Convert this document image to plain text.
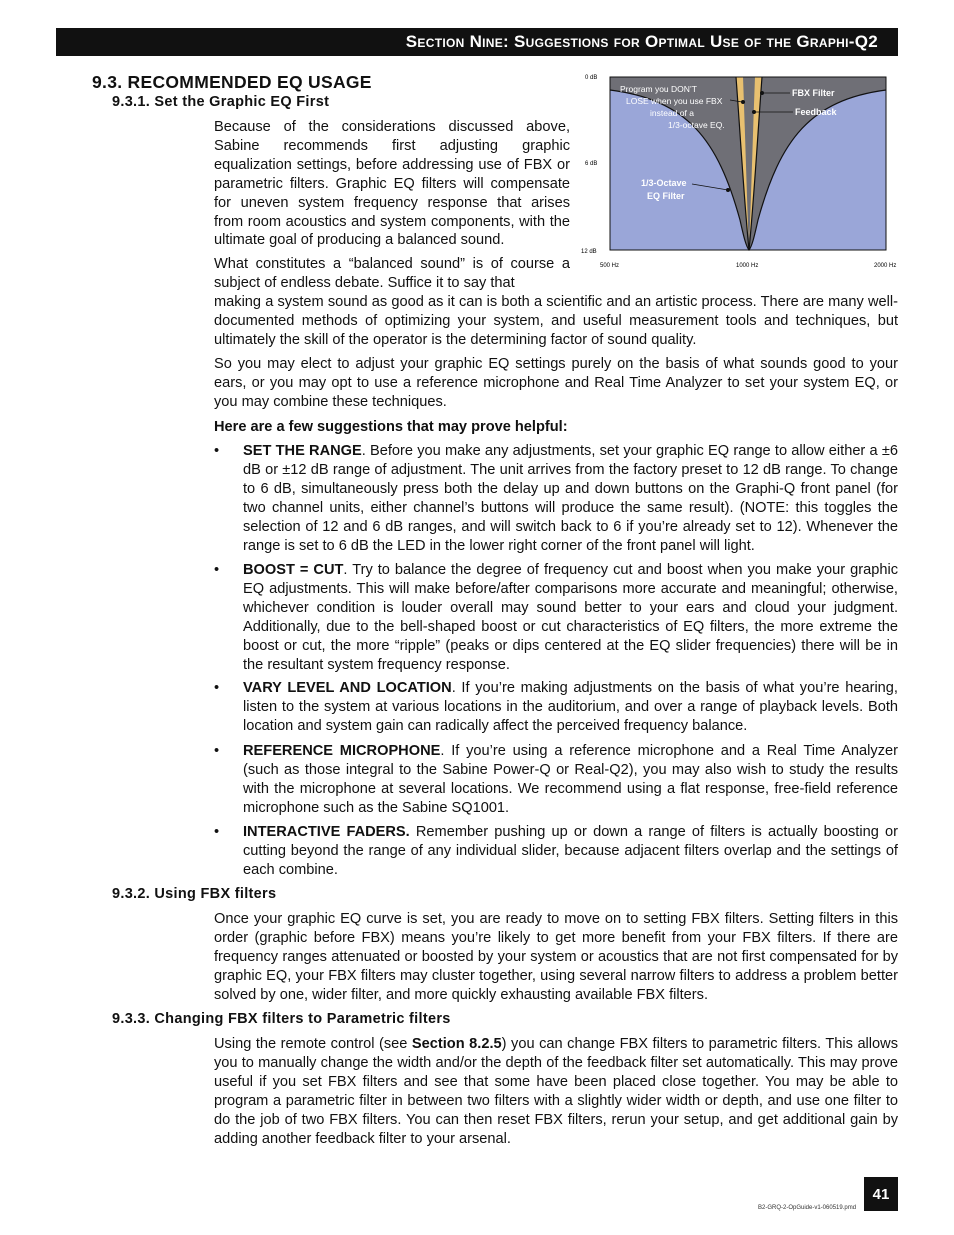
Section Nine: Suggestions for Optimal Use of the Graphi-Q2
9.3. RECOMMENDED EQ USAGE
9.3.1. Set the Graphic EQ First
Because of the considerations discussed above, Sabine recommends first adjusting graphic equalization settings, before addressing use of FBX or parametric filters. Graphic EQ filters will compensate for uneven system frequency response that arises from room acoustics and system components, with the ultimate goal of producing a balanced sound.
What constitutes a “balanced sound” is of course a subject of endless debate. Suffice it to say that
making a system sound as good as it can is both a scientific and an artistic process. There are many well-documented methods of optimizing your system, and useful measurement tools and techniques, but ultimately the skill of the operator is the determining factor of sound quality.
So you may elect to adjust your graphic EQ settings purely on the basis of what sounds good to your ears, or you may opt to use a reference microphone and Real Time Analyzer to set your system EQ, or you may combine these techniques.
Here are a few suggestions that may prove helpful:
• SET THE RANGE. Before you make any adjustments, set your graphic EQ range to allow either a ±6 dB or ±12 dB range of adjustment. The unit arrives from the factory preset to 12 dB range. To change to 6 dB, simultaneously press both the delay up and down buttons on the Graphi-Q front panel (for two channel units, either channel’s buttons will produce the same result). (NOTE: this toggles the selection of 12 and 6 dB ranges, and will switch back to 6 if you’re already set to 12). Whenever the range is set to 6 dB the LED in the lower right corner of the front panel will light.
• BOOST = CUT. Try to balance the degree of frequency cut and boost when you make your graphic EQ adjustments. This will make before/after comparisons more accurate and meaningful; otherwise, whichever condition is louder overall may sound better to your ears and cloud your judgment. Additionally, due to the bell-shaped boost or cut characteristics of EQ filters, the more extreme the boost or cut, the more “ripple” (peaks or dips centered at the EQ slider frequencies) there will be in the resultant system frequency response.
• VARY LEVEL AND LOCATION. If you’re making adjustments on the basis of what you’re hearing, listen to the system at various locations in the auditorium, and over a range of playback levels. Both location and system gain can radically affect the perceived frequency balance.
• REFERENCE MICROPHONE. If you’re using a reference microphone and a Real Time Analyzer (such as those integral to the Sabine Power-Q or Real-Q2), you may also wish to study the results with the microphone at several locations. We recommend using a flat response, free-field reference microphone such as the Sabine SQ1001.
• INTERACTIVE FADERS. Remember pushing up or down a range of filters is actually boosting or cutting beyond the range of any individual slider, because adjacent filters overlap and the settings of each combine.
9.3.2. Using FBX filters
Once your graphic EQ curve is set, you are ready to move on to setting FBX filters. Setting filters in this order (graphic before FBX) means you’re likely to get more benefit from your FBX filters. If there are frequency ranges attenuated or boosted by your system or acoustics that are not first compensated for by graphic EQ, your FBX filters may cluster together, using several narrow filters to address a problem better solved by one, wider filter, and more quickly exhausting available FBX filters.
9.3.3. Changing FBX filters to Parametric filters
Using the remote control (see Section 8.2.5) you can change FBX filters to parametric filters. This allows you to manually change the width and/or the depth of the feedback filter set automatically. This may prove useful if you set FBX filters and see that some have been placed close together. You may be able to program a parametric filter in between two filters with a slightly wider width or depth, and use one filter to do the job of two FBX filters. You can then reset FBX filters, rerun your setup, and get additional gain by adding another feedback filter to your arsenal.
0 dB
6 dB
12 dB
500 Hz	1000 Hz	2000 Hz
Program you DON’T
LOSE when you use FBX
instead of a
1/3-octave EQ.
FBX Filter
Feedback
1/3-Octave
EQ Filter
41
B2-GRQ-2-OpGuide-v1-060519.pmd
